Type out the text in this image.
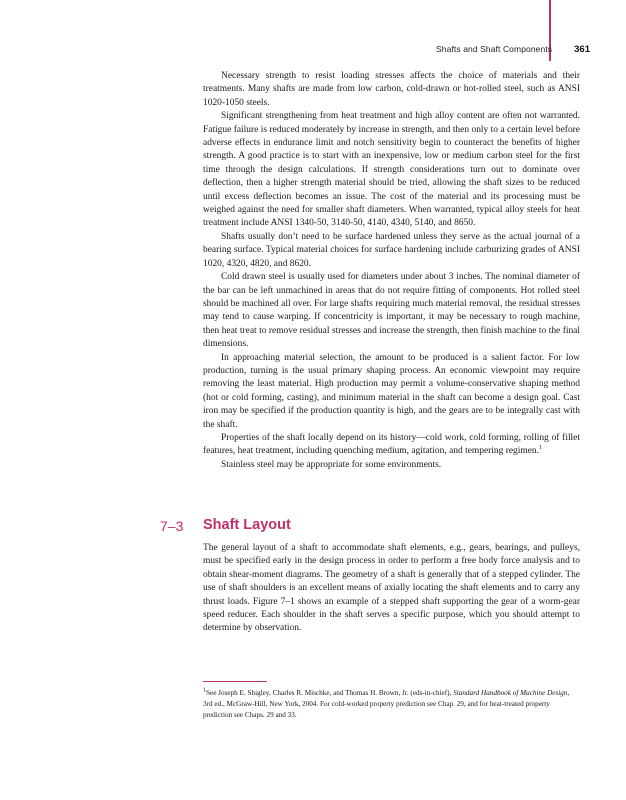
Shafts and Shaft Components 361

Necessary strength to resist loading stresses affects the choice of materials and their treatments. Many shafts are made from low carbon, cold-drawn or hot-rolled steel, such as ANSI 1020-1050 steels.

Significant strengthening from heat treatment and high alloy content are often not warranted. Fatigue failure is reduced moderately by increase in strength, and then only to a certain level before adverse effects in endurance limit and notch sensitivity begin to counteract the benefits of higher strength. A good practice is to start with an inexpensive, low or medium carbon steel for the first time through the design calculations. If strength considerations turn out to dominate over deflection, then a higher strength material should be tried, allowing the shaft sizes to be reduced until excess deflection becomes an issue. The cost of the material and its processing must be weighed against the need for smaller shaft diameters. When warranted, typical alloy steels for heat treatment include ANSI 1340-50, 3140-50, 4140, 4340, 5140, and 8650.

Shafts usually don’t need to be surface hardened unless they serve as the actual journal of a bearing surface. Typical material choices for surface hardening include carburizing grades of ANSI 1020, 4320, 4820, and 8620.

Cold drawn steel is usually used for diameters under about 3 inches. The nominal diameter of the bar can be left unmachined in areas that do not require fitting of components. Hot rolled steel should be machined all over. For large shafts requiring much material removal, the residual stresses may tend to cause warping. If concentricity is important, it may be necessary to rough machine, then heat treat to remove residual stresses and increase the strength, then finish machine to the final dimensions.

In approaching material selection, the amount to be produced is a salient factor. For low production, turning is the usual primary shaping process. An economic viewpoint may require removing the least material. High production may permit a volume-conservative shaping method (hot or cold forming, casting), and minimum material in the shaft can become a design goal. Cast iron may be specified if the production quantity is high, and the gears are to be integrally cast with the shaft.

Properties of the shaft locally depend on its history—cold work, cold forming, rolling of fillet features, heat treatment, including quenching medium, agitation, and tempering regimen.$^1$

Stainless steel may be appropriate for some environments.

7–3 Shaft Layout

The general layout of a shaft to accommodate shaft elements, e.g., gears, bearings, and pulleys, must be specified early in the design process in order to perform a free body force analysis and to obtain shear-moment diagrams. The geometry of a shaft is generally that of a stepped cylinder. The use of shaft shoulders is an excellent means of axially locating the shaft elements and to carry any thrust loads. Figure 7–1 shows an example of a stepped shaft supporting the gear of a worm-gear speed reducer. Each shoulder in the shaft serves a specific purpose, which you should attempt to determine by observation.

$^1$See Joseph E. Shigley, Charles R. Mischke, and Thomas H. Brown, Jr. (eds-in-chief), Standard Handbook of Machine Design, 3rd ed., McGraw-Hill, New York, 2004. For cold-worked property prediction see Chap. 29, and for heat-treated property prediction see Chaps. 29 and 33.
